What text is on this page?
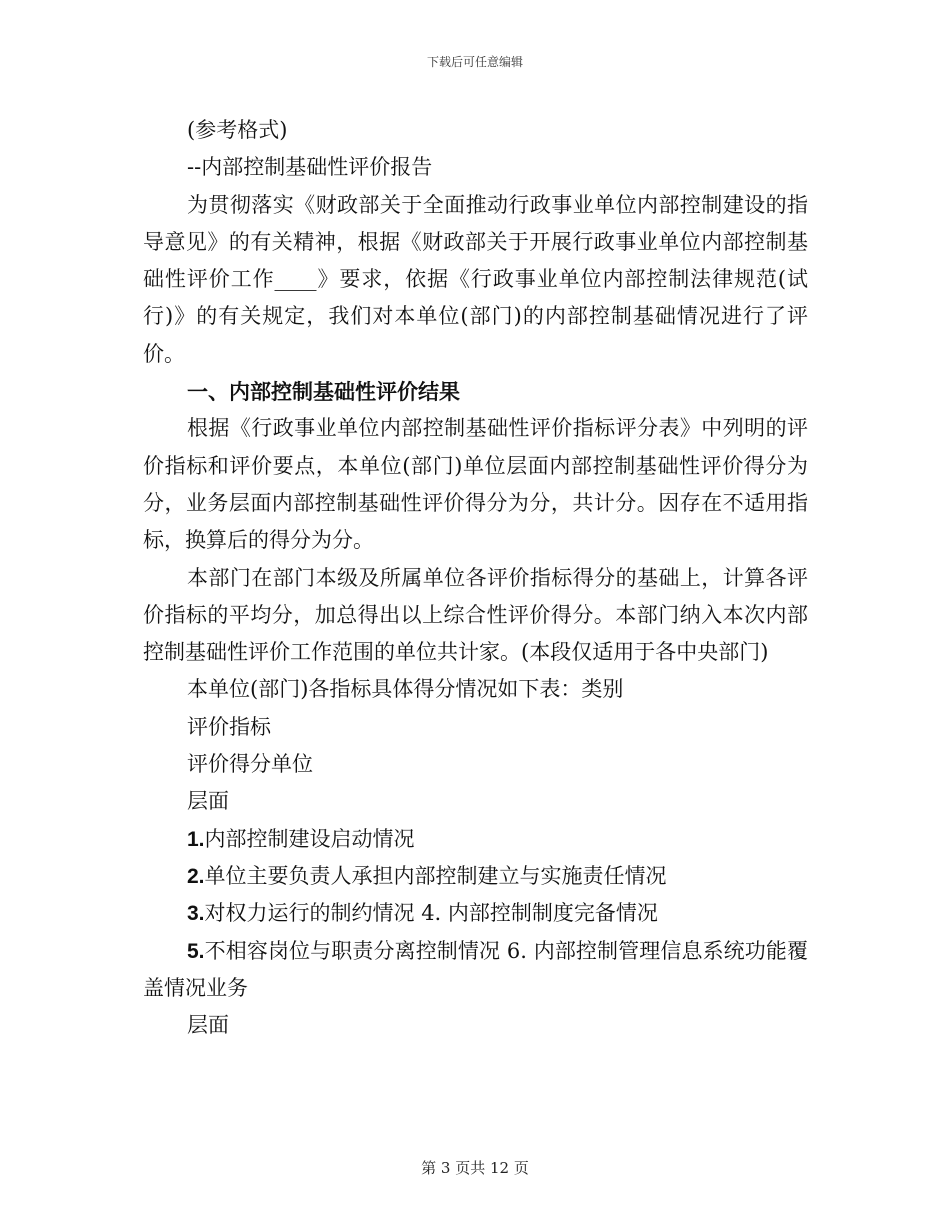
下载后可任意编辑

(参考格式)

--内部控制基础性评价报告

为贯彻落实《财政部关于全面推动行政事业单位内部控制建设的指导意见》的有关精神，根据《财政部关于开展行政事业单位内部控制基础性评价工作____》要求，依据《行政事业单位内部控制法律规范(试行)》的有关规定，我们对本单位(部门)的内部控制基础情况进行了评价。

一、内部控制基础性评价结果

根据《行政事业单位内部控制基础性评价指标评分表》中列明的评价指标和评价要点，本单位(部门)单位层面内部控制基础性评价得分为分，业务层面内部控制基础性评价得分为分，共计分。因存在不适用指标，换算后的得分为分。

本部门在部门本级及所属单位各评价指标得分的基础上，计算各评价指标的平均分，加总得出以上综合性评价得分。本部门纳入本次内部控制基础性评价工作范围的单位共计家。(本段仅适用于各中央部门)

本单位(部门)各指标具体得分情况如下表：类别

评价指标

评价得分单位

层面

1.内部控制建设启动情况

2.单位主要负责人承担内部控制建立与实施责任情况

3.对权力运行的制约情况 4. 内部控制制度完备情况

5.不相容岗位与职责分离控制情况 6. 内部控制管理信息系统功能覆盖情况业务

层面

第 3 页共 12 页
